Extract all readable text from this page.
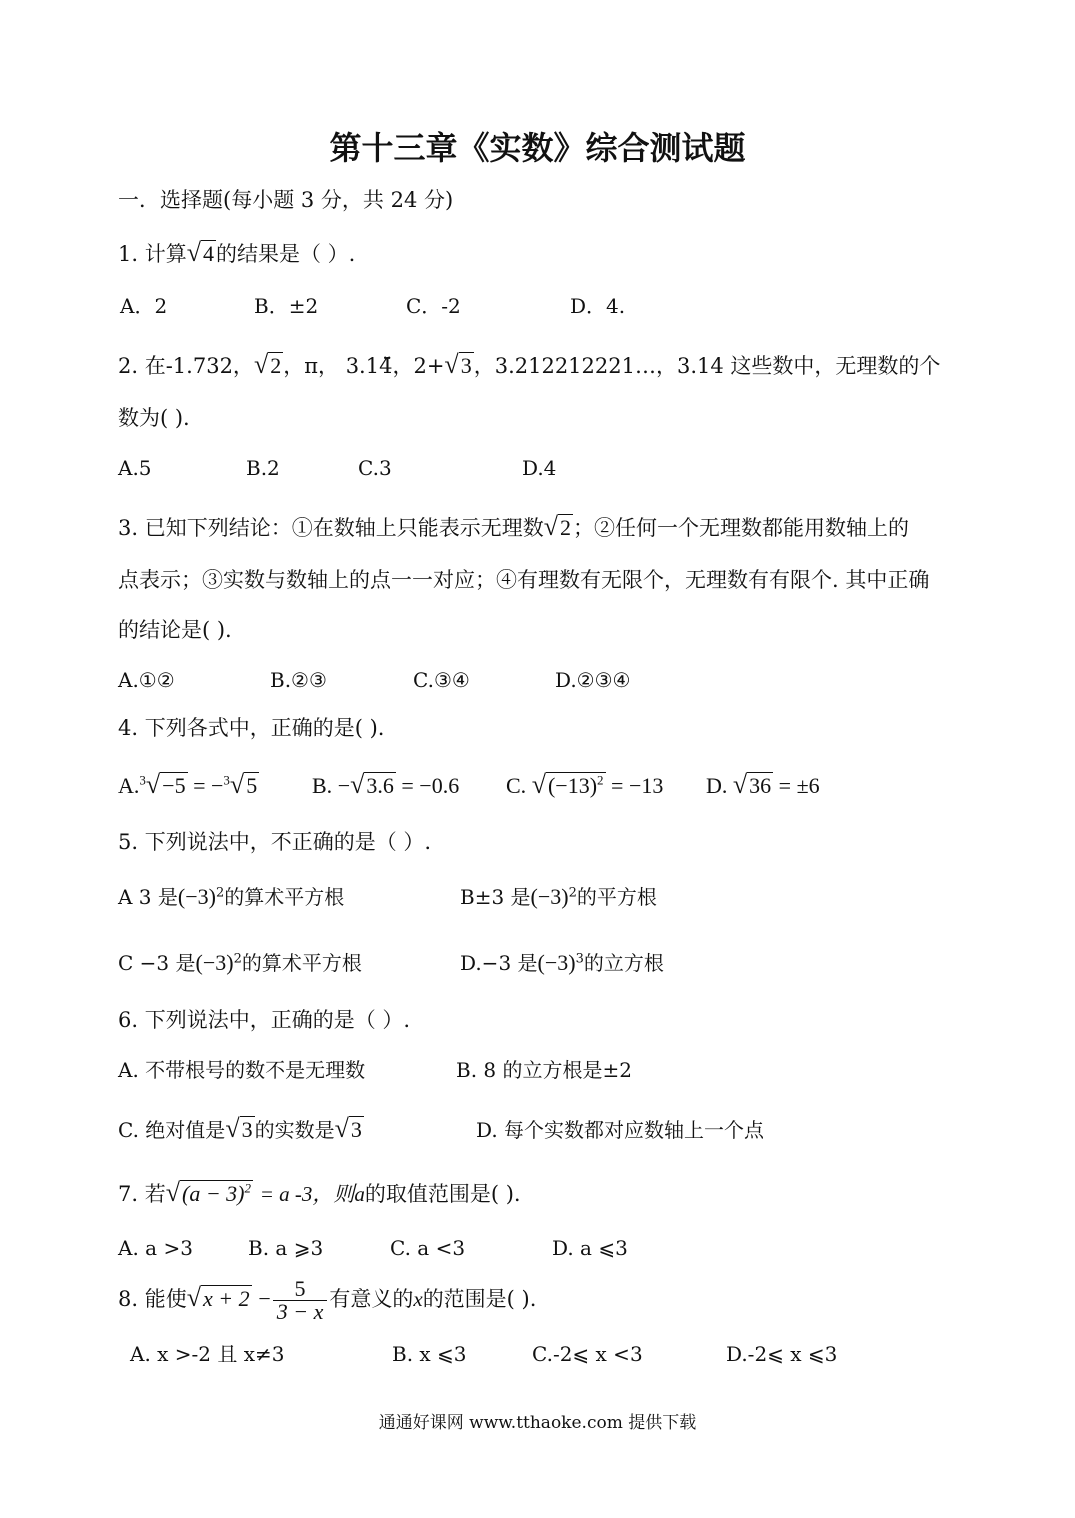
第十三章《实数》综合测试题
一．选择题(每小题 3 分，共 24 分)
1. 计算√4的结果是（ ）.
A．2	B．±2	C．-2	D．4.
2. 在-1.732，√2，π， 3.14̈，2+√3，3.212212221…，3.14 这些数中，无理数的个
数为( ).
A.5	B.2	C.3	D.4
3. 已知下列结论：①在数轴上只能表示无理数√2；②任何一个无理数都能用数轴上的
点表示；③实数与数轴上的点一一对应；④有理数有无限个，无理数有有限个. 其中正确
的结论是( ).
A.①②	B.②③	C.③④	D.②③④
4. 下列各式中，正确的是( ).
A.$^3$√−5 = −$^3$√5 B. −√3.6 = −0.6 C. $√(-13)^2 = -13$ D. √36 = ±6
5. 下列说法中，不正确的是（ ）.
A 3 是$(-3)^2$的算术平方根	B±3 是$(-3)^2$的平方根
C −3 是$(-3)^2$的算术平方根	D.−3 是$(-3)^3$的立方根
6. 下列说法中，正确的是（ ）.
A. 不带根号的数不是无理数	B. 8 的立方根是±2
C. 绝对值是√3 的实数是√3	D. 每个实数都对应数轴上一个点
7. 若$√(a - 3)^2 = a$ -3，则a的取值范围是( ).
A. a >3	B. a ⩾3	C. a <3	D. a ⩽3
8. 能使$√x + 2 - \frac{5}{3 - x}$ 有意义的x的范围是( ).
A. x >-2 且 x≠3	B. x ⩽3	C.-2⩽ x <3	D.-2⩽ x ⩽3
通通好课网 www.tthaoke.com 提供下载
